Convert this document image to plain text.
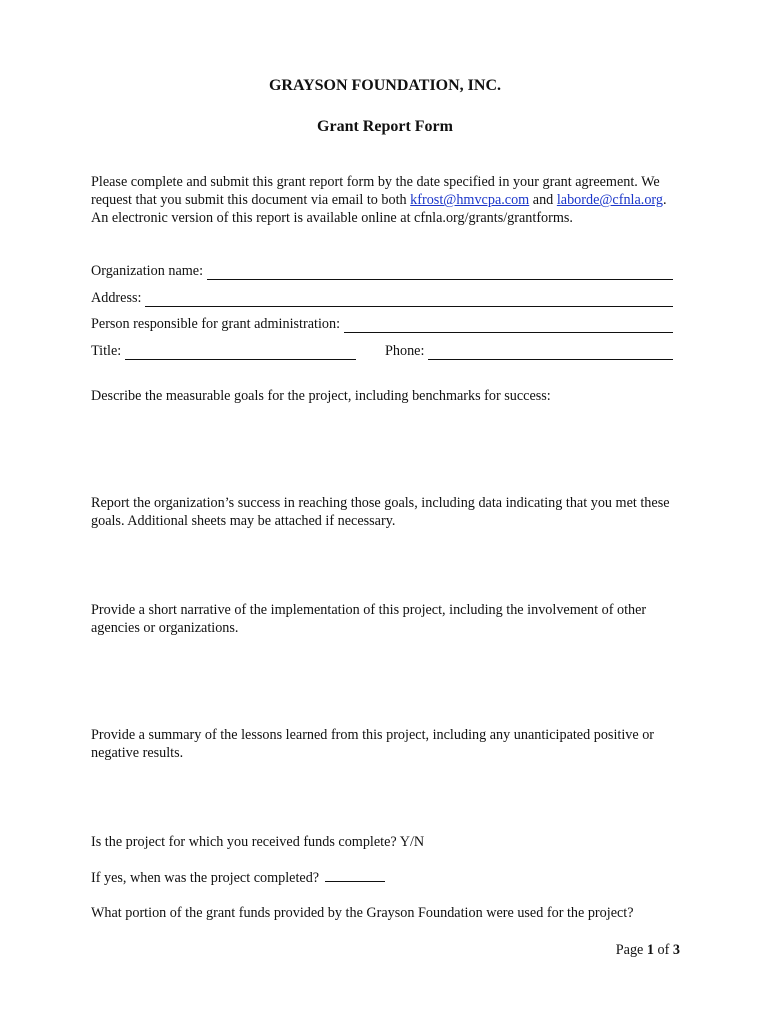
GRAYSON FOUNDATION, INC.
Grant Report Form
Please complete and submit this grant report form by the date specified in your grant agreement. We request that you submit this document via email to both kfrost@hmvcpa.com and laborde@cfnla.org. An electronic version of this report is available online at cfnla.org/grants/grantforms.
Organization name:
Address:
Person responsible for grant administration:
Title:	Phone:
Describe the measurable goals for the project, including benchmarks for success:
Report the organization’s success in reaching those goals, including data indicating that you met these goals. Additional sheets may be attached if necessary.
Provide a short narrative of the implementation of this project, including the involvement of other agencies or organizations.
Provide a summary of the lessons learned from this project, including any unanticipated positive or negative results.
Is the project for which you received funds complete? Y/N
If yes, when was the project completed?
What portion of the grant funds provided by the Grayson Foundation were used for the project?
Page 1 of 3
